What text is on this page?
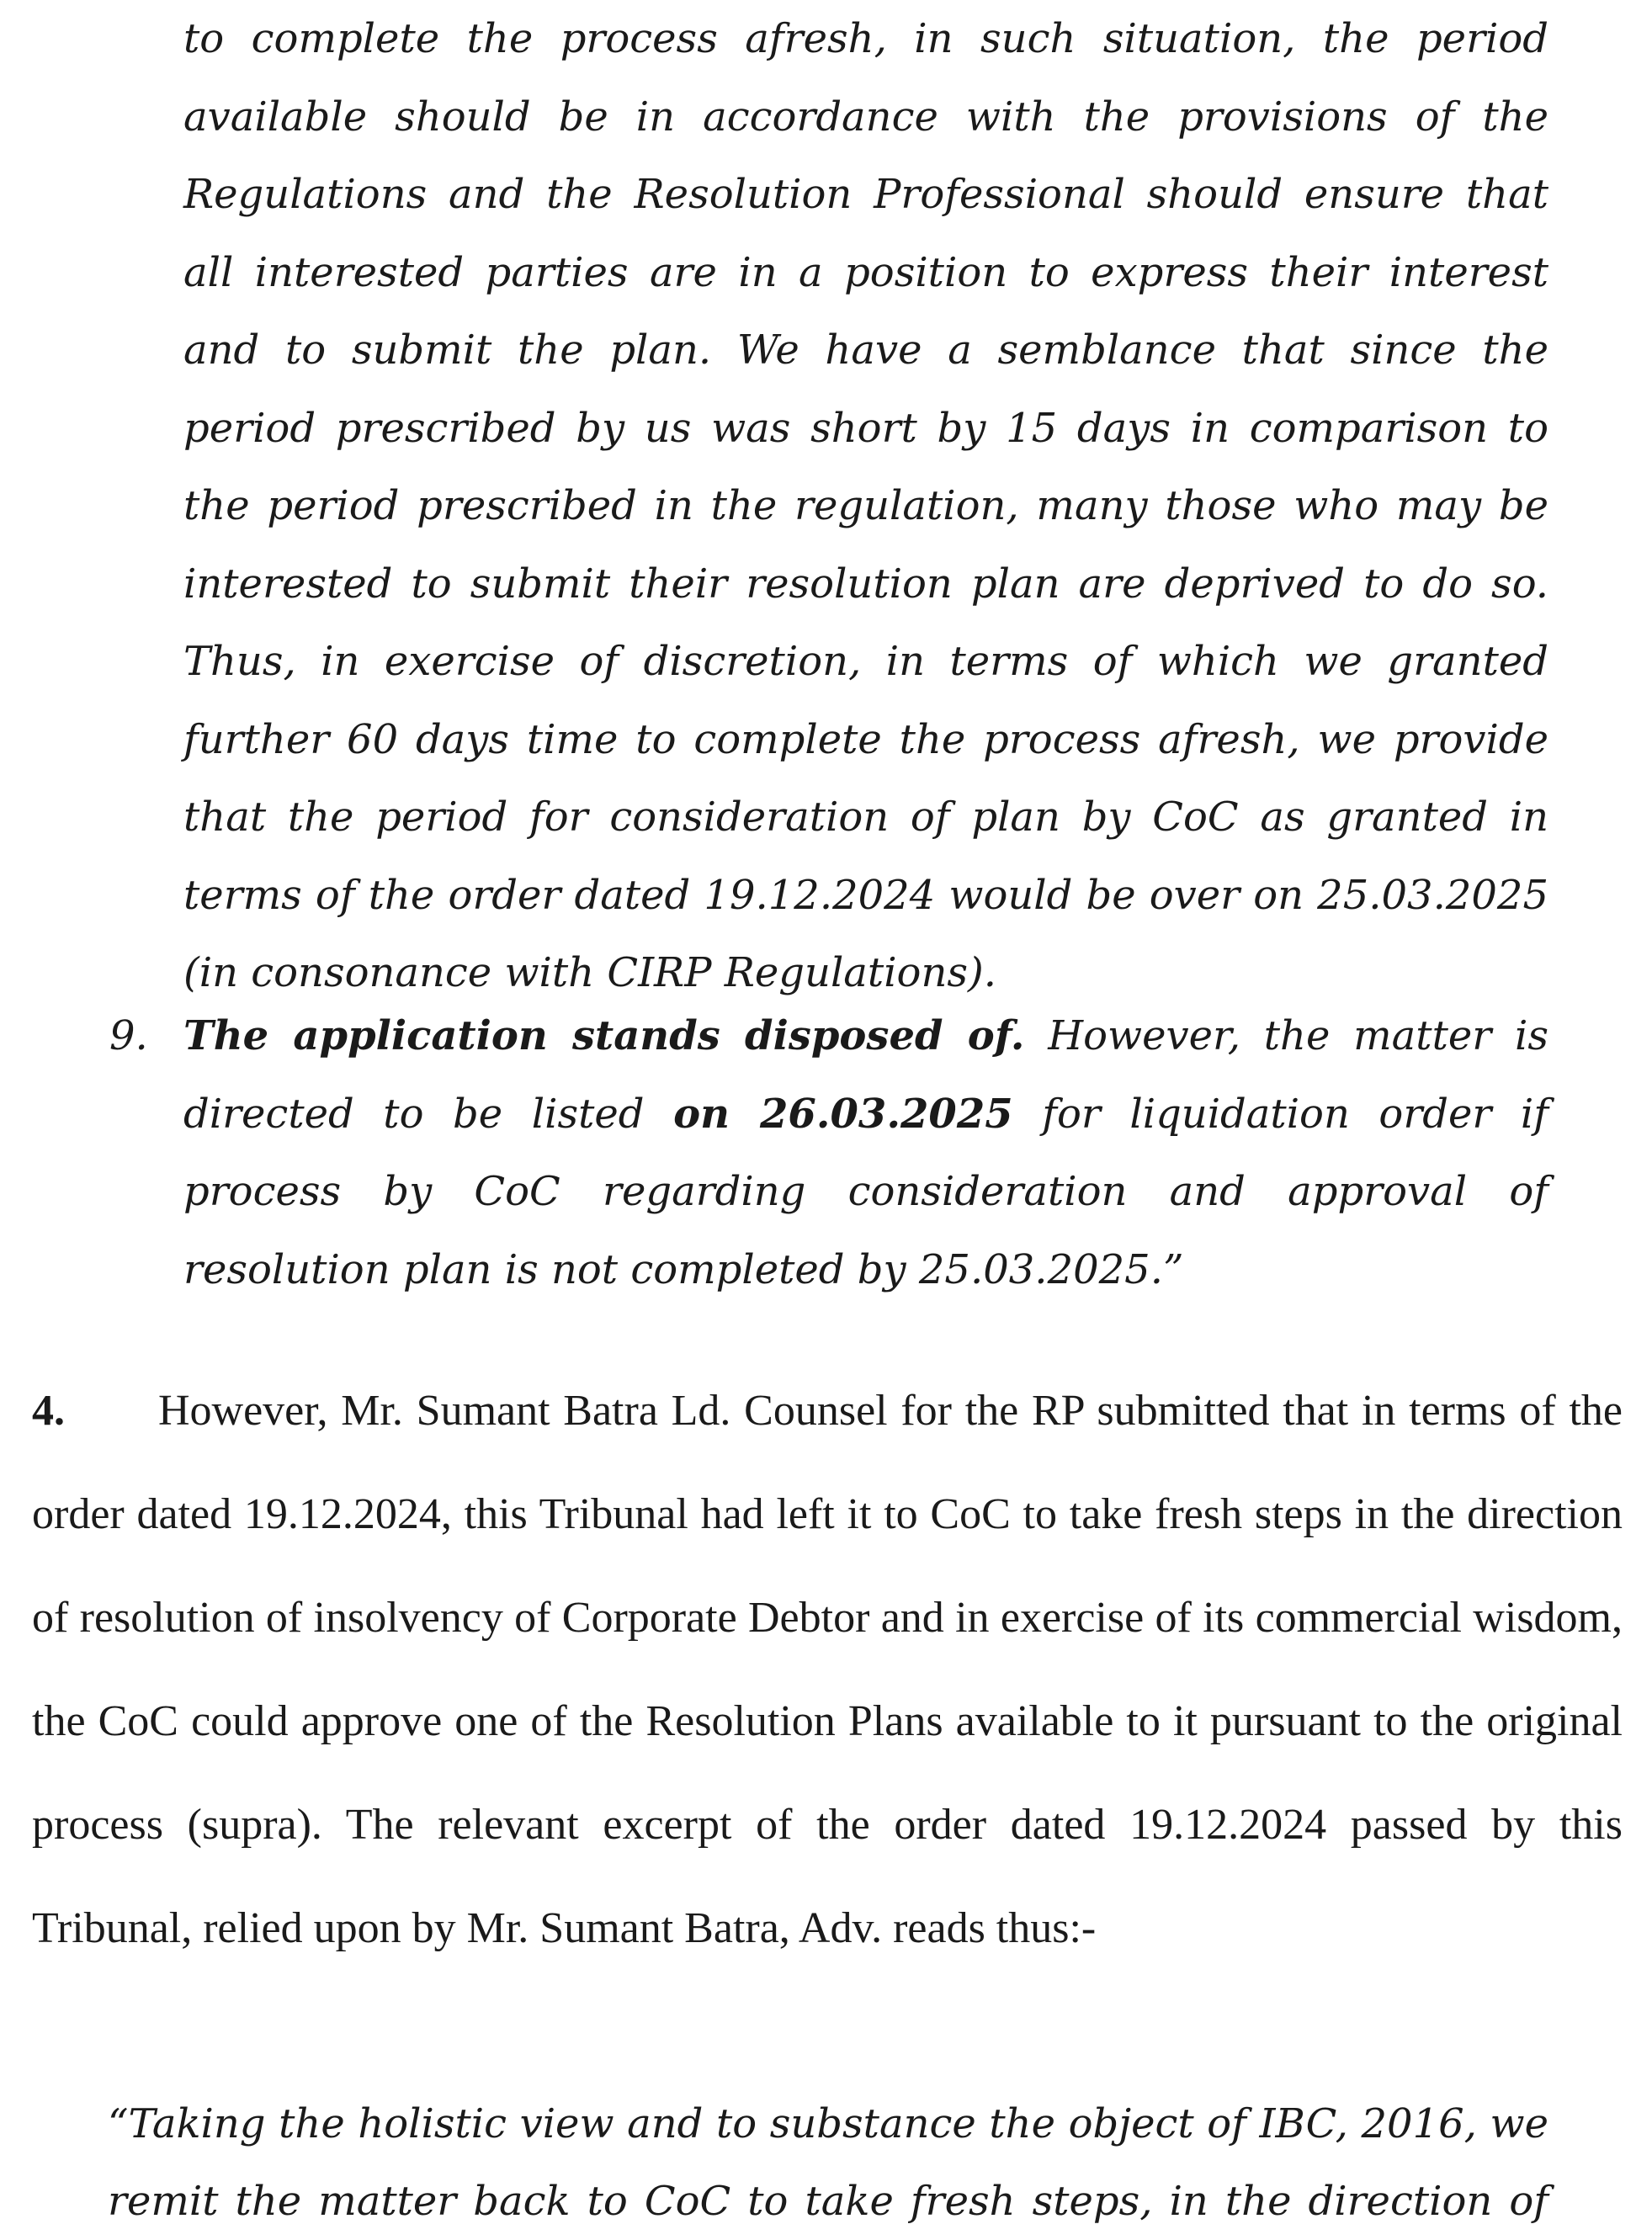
to complete the process afresh, in such situation, the period available should be in accordance with the provisions of the Regulations and the Resolution Professional should ensure that all interested parties are in a position to express their interest and to submit the plan. We have a semblance that since the period prescribed by us was short by 15 days in comparison to the period prescribed in the regulation, many those who may be interested to submit their resolution plan are deprived to do so. Thus, in exercise of discretion, in terms of which we granted further 60 days time to complete the process afresh, we provide that the period for consideration of plan by CoC as granted in terms of the order dated 19.12.2024 would be over on 25.03.2025 (in consonance with CIRP Regulations).

9. The application stands disposed of. However, the matter is directed to be listed on 26.03.2025 for liquidation order if process by CoC regarding consideration and approval of resolution plan is not completed by 25.03.2025.”

4. However, Mr. Sumant Batra Ld. Counsel for the RP submitted that in terms of the order dated 19.12.2024, this Tribunal had left it to CoC to take fresh steps in the direction of resolution of insolvency of Corporate Debtor and in exercise of its commercial wisdom, the CoC could approve one of the Resolution Plans available to it pursuant to the original process (supra). The relevant excerpt of the order dated 19.12.2024 passed by this Tribunal, relied upon by Mr. Sumant Batra, Adv. reads thus:-

“Taking the holistic view and to substance the object of IBC, 2016, we remit the matter back to CoC to take fresh steps, in the direction of
